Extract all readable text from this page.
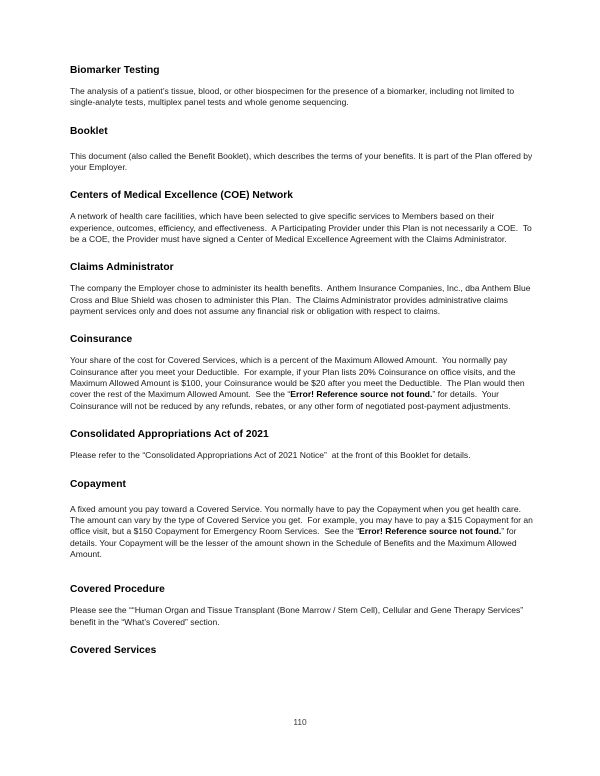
Biomarker Testing

The analysis of a patient’s tissue, blood, or other biospecimen for the presence of a biomarker, including not limited to single-analyte tests, multiplex panel tests and whole genome sequencing.

Booklet

This document (also called the Benefit Booklet), which describes the terms of your benefits. It is part of the Plan offered by your Employer.

Centers of Medical Excellence (COE) Network

A network of health care facilities, which have been selected to give specific services to Members based on their experience, outcomes, efficiency, and effectiveness.  A Participating Provider under this Plan is not necessarily a COE.  To be a COE, the Provider must have signed a Center of Medical Excellence Agreement with the Claims Administrator.

Claims Administrator

The company the Employer chose to administer its health benefits.  Anthem Insurance Companies, Inc., dba Anthem Blue Cross and Blue Shield was chosen to administer this Plan.  The Claims Administrator provides administrative claims payment services only and does not assume any financial risk or obligation with respect to claims.

Coinsurance

Your share of the cost for Covered Services, which is a percent of the Maximum Allowed Amount.  You normally pay Coinsurance after you meet your Deductible.  For example, if your Plan lists 20% Coinsurance on office visits, and the Maximum Allowed Amount is $100, your Coinsurance would be $20 after you meet the Deductible.  The Plan would then cover the rest of the Maximum Allowed Amount.  See the “Error! Reference source not found.” for details.  Your Coinsurance will not be reduced by any refunds, rebates, or any other form of negotiated post-payment adjustments.

Consolidated Appropriations Act of 2021

Please refer to the “Consolidated Appropriations Act of 2021 Notice”  at the front of this Booklet for details.

Copayment

A fixed amount you pay toward a Covered Service. You normally have to pay the Copayment when you get health care.  The amount can vary by the type of Covered Service you get.  For example, you may have to pay a $15 Copayment for an office visit, but a $150 Copayment for Emergency Room Services.  See the “Error! Reference source not found.” for details. Your Copayment will be the lesser of the amount shown in the Schedule of Benefits and the Maximum Allowed Amount.

Covered Procedure

Please see the ““Human Organ and Tissue Transplant (Bone Marrow / Stem Cell), Cellular and Gene Therapy Services” benefit in the “What’s Covered” section.

Covered Services
110
